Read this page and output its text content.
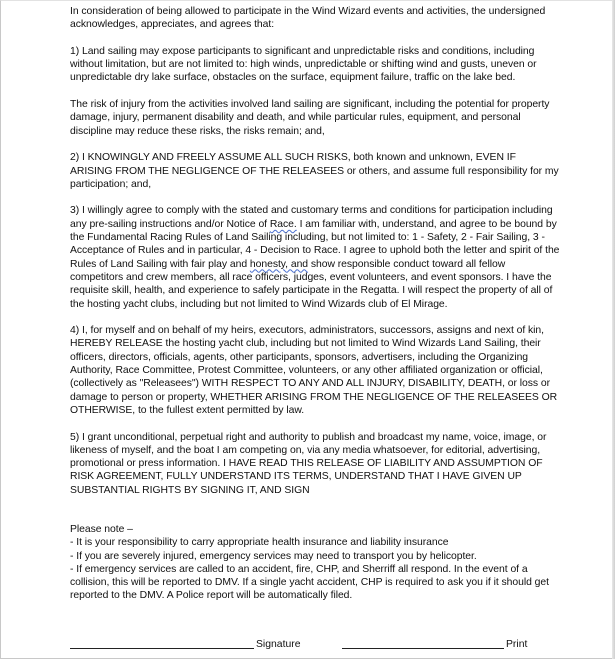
In consideration of being allowed to participate in the Wind Wizard events and activities, the undersigned acknowledges, appreciates, and agrees that:

1) Land sailing may expose participants to significant and unpredictable risks and conditions, including without limitation, but are not limited to: high winds, unpredictable or shifting wind and gusts, uneven or unpredictable dry lake surface, obstacles on the surface, equipment failure, traffic on the lake bed.

The risk of injury from the activities involved land sailing are significant, including the potential for property damage, injury, permanent disability and death, and while particular rules, equipment, and personal discipline may reduce these risks, the risks remain; and,

2) I KNOWINGLY AND FREELY ASSUME ALL SUCH RISKS, both known and unknown, EVEN IF ARISING FROM THE NEGLIGENCE OF THE RELEASEES or others, and assume full responsibility for my participation; and,

3) I willingly agree to comply with the stated and customary terms and conditions for participation including any pre-sailing instructions and/or Notice of Race. I am familiar with, understand, and agree to be bound by the Fundamental Racing Rules of Land Sailing including, but not limited to: 1 - Safety, 2 - Fair Sailing, 3 - Acceptance of Rules and in particular, 4 - Decision to Race. I agree to uphold both the letter and spirit of the Rules of Land Sailing with fair play and honesty, and show responsible conduct toward all fellow competitors and crew members, all race officers, judges, event volunteers, and event sponsors. I have the requisite skill, health, and experience to safely participate in the Regatta. I will respect the property of all of the hosting yacht clubs, including but not limited to Wind Wizards club of El Mirage.

4) I, for myself and on behalf of my heirs, executors, administrators, successors, assigns and next of kin, HEREBY RELEASE the hosting yacht club, including but not limited to Wind Wizards Land Sailing, their officers, directors, officials, agents, other participants, sponsors, advertisers, including the Organizing Authority, Race Committee, Protest Committee, volunteers, or any other affiliated organization or official, (collectively as "Releasees") WITH RESPECT TO ANY AND ALL INJURY, DISABILITY, DEATH, or loss or damage to person or property, WHETHER ARISING FROM THE NEGLIGENCE OF THE RELEASEES OR OTHERWISE, to the fullest extent permitted by law.

5) I grant unconditional, perpetual right and authority to publish and broadcast my name, voice, image, or likeness of myself, and the boat I am competing on, via any media whatsoever, for editorial, advertising, promotional or press information. I HAVE READ THIS RELEASE OF LIABILITY AND ASSUMPTION OF RISK AGREEMENT, FULLY UNDERSTAND ITS TERMS, UNDERSTAND THAT I HAVE GIVEN UP SUBSTANTIAL RIGHTS BY SIGNING IT, AND SIGN

Please note –

- It is your responsibility to carry appropriate health insurance and liability insurance

- If you are severely injured, emergency services may need to transport you by helicopter.

- If emergency services are called to an accident, fire, CHP, and Sherriff all respond. In the event of a collision, this will be reported to DMV. If a single yacht accident, CHP is required to ask you if it should get reported to the DMV. A Police report will be automatically filed.

Signature	Print
